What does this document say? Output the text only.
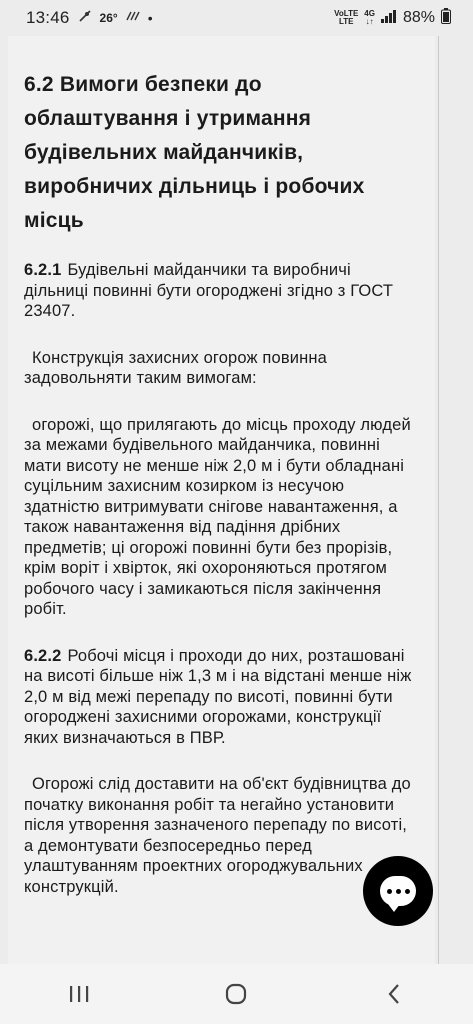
13:46	26° •	VoLTE
LTE
4G
↓↑ 88%
6.2 Вимоги безпеки до облаштування і утримання будівельних майданчиків, виробничих дільниць і робочих місць

6.2.1 Будівельні майданчики та виробничі дільниці повинні бути огороджені згідно з ГОСТ 23407.

Конструкція захисних огорож повинна задовольняти таким вимогам:

огорожі, що прилягають до місць проходу людей за межами будівельного майданчика, повинні мати висоту не менше ніж 2,0 м і бути обладнані суцільним захисним козирком із несучою здатністю витримувати снігове навантаження, а також навантаження від падіння дрібних предметів; ці огорожі повинні бути без прорізів, крім воріт і хвірток, які охороняються протягом робочого часу і замикаються після закінчення робіт.

6.2.2 Робочі місця і проходи до них, розташовані на висоті більше ніж 1,3 м і на відстані менше ніж 2,0 м від межі перепаду по висоті, повинні бути огороджені захисними огорожами, конструкції яких визначаються в ПВР.

Огорожі слід доставити на об'єкт будівництва до початку виконання робіт та негайно установити після утворення зазначеного перепаду по висоті, а демонтувати безпосередньо перед улаштуванням проектних огороджувальних конструкцій.
